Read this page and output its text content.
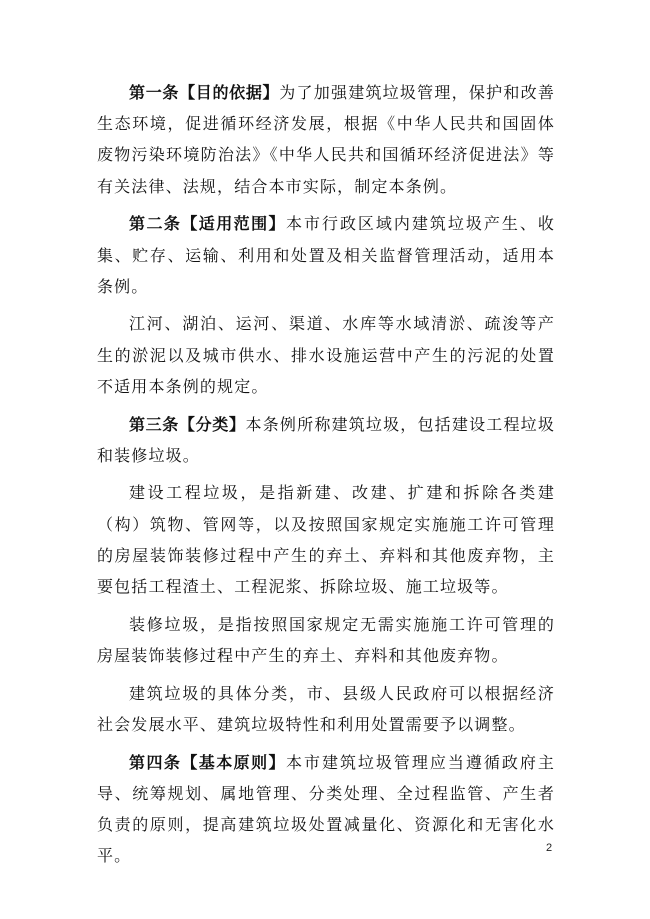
第一条【目的依据】为了加强建筑垃圾管理，保护和改善生态环境，促进循环经济发展，根据《中华人民共和国固体废物污染环境防治法》《中华人民共和国循环经济促进法》等有关法律、法规，结合本市实际，制定本条例。

第二条【适用范围】本市行政区域内建筑垃圾产生、收集、贮存、运输、利用和处置及相关监督管理活动，适用本条例。

江河、湖泊、运河、渠道、水库等水域清淤、疏浚等产生的淤泥以及城市供水、排水设施运营中产生的污泥的处置不适用本条例的规定。

第三条【分类】本条例所称建筑垃圾，包括建设工程垃圾和装修垃圾。

建设工程垃圾，是指新建、改建、扩建和拆除各类建（构）筑物、管网等，以及按照国家规定实施施工许可管理的房屋装饰装修过程中产生的弃土、弃料和其他废弃物，主要包括工程渣土、工程泥浆、拆除垃圾、施工垃圾等。

装修垃圾，是指按照国家规定无需实施施工许可管理的房屋装饰装修过程中产生的弃土、弃料和其他废弃物。

建筑垃圾的具体分类，市、县级人民政府可以根据经济社会发展水平、建筑垃圾特性和利用处置需要予以调整。

第四条【基本原则】本市建筑垃圾管理应当遵循政府主导、统筹规划、属地管理、分类处理、全过程监管、产生者负责的原则，提高建筑垃圾处置减量化、资源化和无害化水平。	2
